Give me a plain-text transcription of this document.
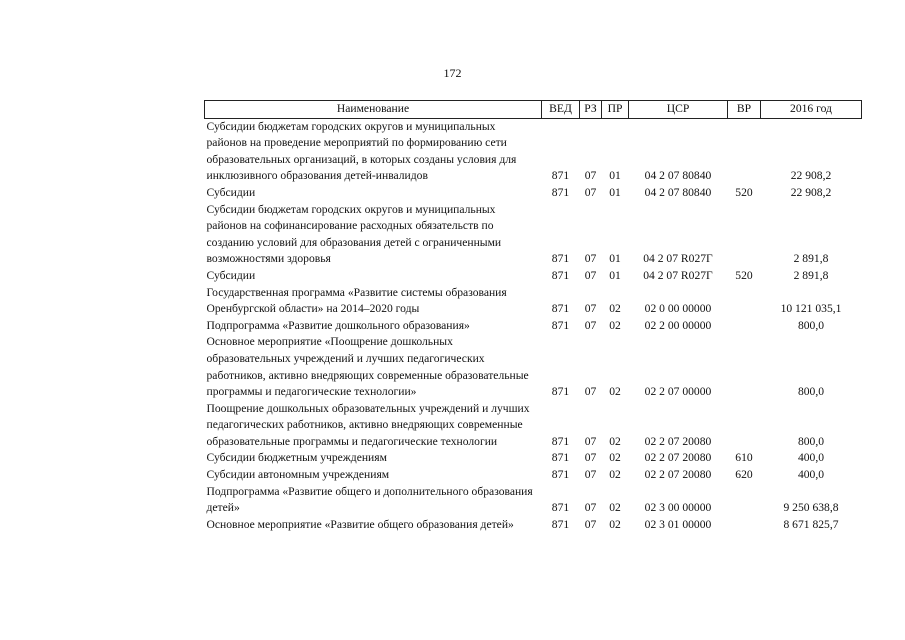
172
Наименование	ВЕД	РЗ	ПР	ЦСР	ВР	2016 год
Субсидии бюджетам городских округов и муниципальных районов на проведение мероприятий по формированию сети образовательных организаций, в которых созданы условия для инклюзивного образования детей-инвалидов	871	07	01	04 2 07 80840		22 908,2
Субсидии	871	07	01	04 2 07 80840	520	22 908,2
Субсидии бюджетам городских округов и муниципальных районов на софинансирование расходных обязательств по созданию условий для образования детей с ограниченными возможностями здоровья	871	07	01	04 2 07 R027Г		2 891,8
Субсидии	871	07	01	04 2 07 R027Г	520	2 891,8
Государственная программа «Развитие системы образования Оренбургской области» на 2014–2020 годы	871	07	02	02 0 00 00000		10 121 035,1
Подпрограмма «Развитие дошкольного образования»	871	07	02	02 2 00 00000		800,0
Основное мероприятие «Поощрение дошкольных образовательных учреждений и лучших педагогических работников, активно внедряющих современные образовательные программы и педагогические технологии»	871	07	02	02 2 07 00000		800,0
Поощрение дошкольных образовательных учреждений и лучших педагогических работников, активно внедряющих современные образовательные программы и педагогические технологии	871	07	02	02 2 07 20080		800,0
Субсидии бюджетным учреждениям	871	07	02	02 2 07 20080	610	400,0
Субсидии автономным учреждениям	871	07	02	02 2 07 20080	620	400,0
Подпрограмма «Развитие общего и дополнительного образования детей»	871	07	02	02 3 00 00000		9 250 638,8
Основное мероприятие «Развитие общего образования детей»	871	07	02	02 3 01 00000		8 671 825,7
